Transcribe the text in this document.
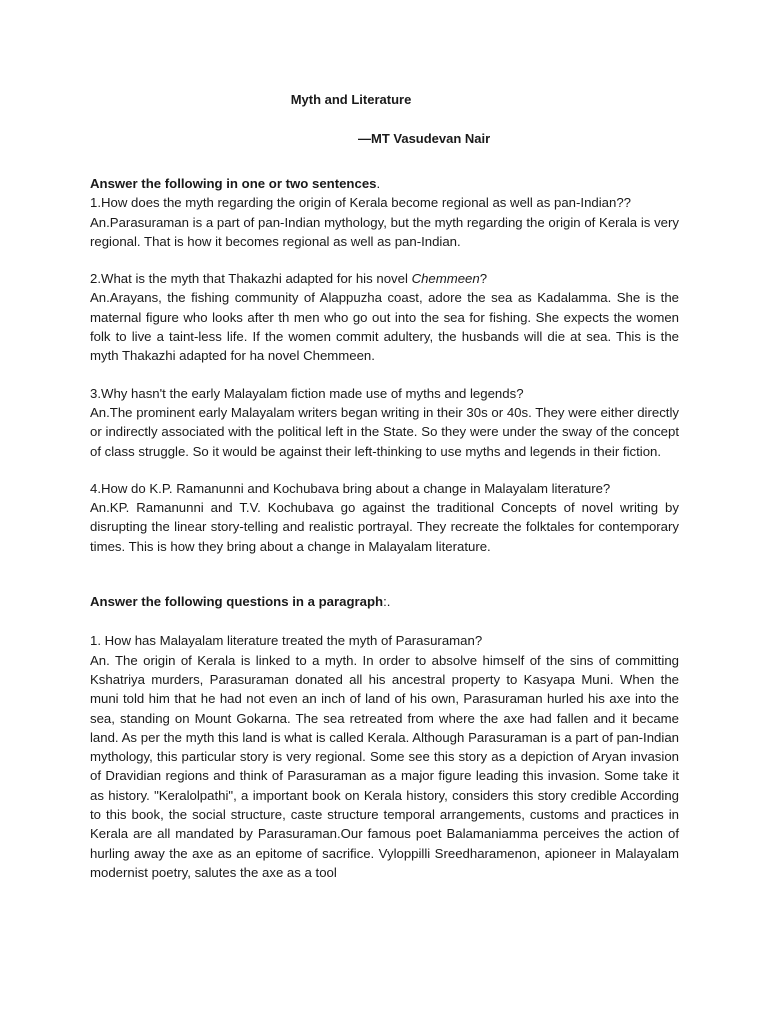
Myth and Literature
—MT Vasudevan Nair
Answer the following in one or two sentences.

1.How does the myth regarding the origin of Kerala become regional as well as pan-Indian??

An.Parasuraman is a part of pan-Indian mythology, but the myth regarding the origin of Kerala is very regional. That is how it becomes regional as well as pan-Indian.

2.What is the myth that Thakazhi adapted for his novel Chemmeen?

An.Arayans, the fishing community of Alappuzha coast, adore the sea as Kadalamma. She is the maternal figure who looks after th men who go out into the sea for fishing. She expects the women folk to live a taint-less life. If the women commit adultery, the husbands will die at sea. This is the myth Thakazhi adapted for ha novel Chemmeen.

3.Why hasn't the early Malayalam fiction made use of myths and legends?

An.The prominent early Malayalam writers began writing in their 30s or 40s. They were either directly or indirectly associated with the political left in the State. So they were under the sway of the concept of class struggle. So it would be against their left-thinking to use myths and legends in their fiction.

4.How do K.P. Ramanunni and Kochubava bring about a change in Malayalam literature?

An.KP. Ramanunni and T.V. Kochubava go against the traditional Concepts of novel writing by disrupting the linear story-telling and realistic portrayal. They recreate the folktales for contemporary times. This is how they bring about a change in Malayalam literature.

Answer the following questions in a paragraph:.

1. How has Malayalam literature treated the myth of Parasuraman?

An. The origin of Kerala is linked to a myth. In order to absolve himself of the sins of committing Kshatriya murders, Parasuraman donated all his ancestral property to Kasyapa Muni. When the muni told him that he had not even an inch of land of his own, Parasuraman hurled his axe into the sea, standing on Mount Gokarna. The sea retreated from where the axe had fallen and it became land. As per the myth this land is what is called Kerala. Although Parasuraman is a part of pan-Indian mythology, this particular story is very regional. Some see this story as a depiction of Aryan invasion of Dravidian regions and think of Parasuraman as a major figure leading this invasion. Some take it as history. "Keralolpathi", a important book on Kerala history, considers this story credible According to this book, the social structure, caste structure temporal arrangements, customs and practices in Kerala are all mandated by Parasuraman.Our famous poet Balamaniamma perceives the action of hurling away the axe as an epitome of sacrifice. Vyloppilli Sreedharamenon, apioneer in Malayalam modernist poetry, salutes the axe as a tool
